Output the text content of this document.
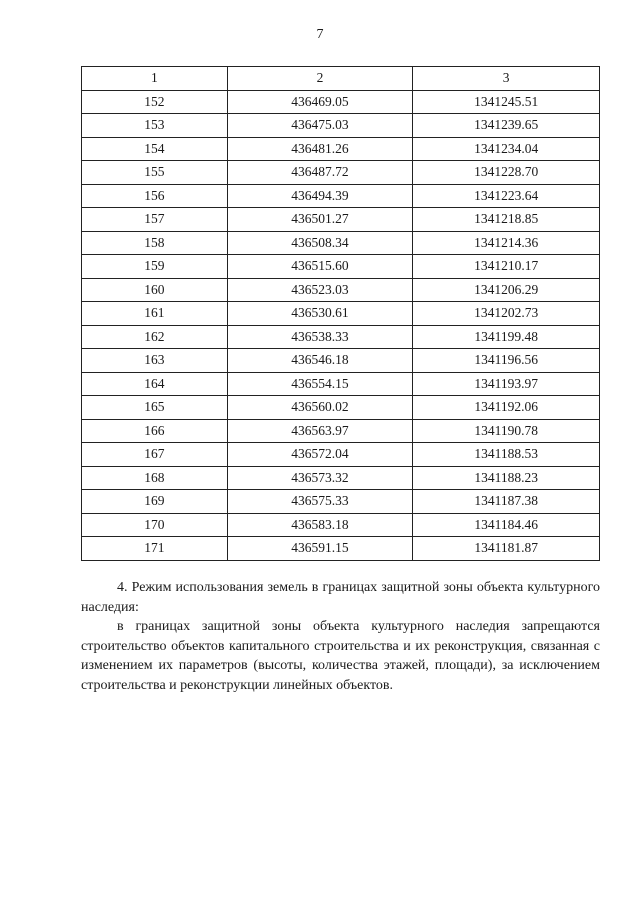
7
1	2	3
152	436469.05	1341245.51
153	436475.03	1341239.65
154	436481.26	1341234.04
155	436487.72	1341228.70
156	436494.39	1341223.64
157	436501.27	1341218.85
158	436508.34	1341214.36
159	436515.60	1341210.17
160	436523.03	1341206.29
161	436530.61	1341202.73
162	436538.33	1341199.48
163	436546.18	1341196.56
164	436554.15	1341193.97
165	436560.02	1341192.06
166	436563.97	1341190.78
167	436572.04	1341188.53
168	436573.32	1341188.23
169	436575.33	1341187.38
170	436583.18	1341184.46
171	436591.15	1341181.87

4. Режим использования земель в границах защитной зоны объекта культурного наследия:

в границах защитной зоны объекта культурного наследия запрещаются строительство объектов капитального строительства и их реконструкция, связанная с изменением их параметров (высоты, количества этажей, площади), за исключением строительства и реконструкции линейных объектов.
